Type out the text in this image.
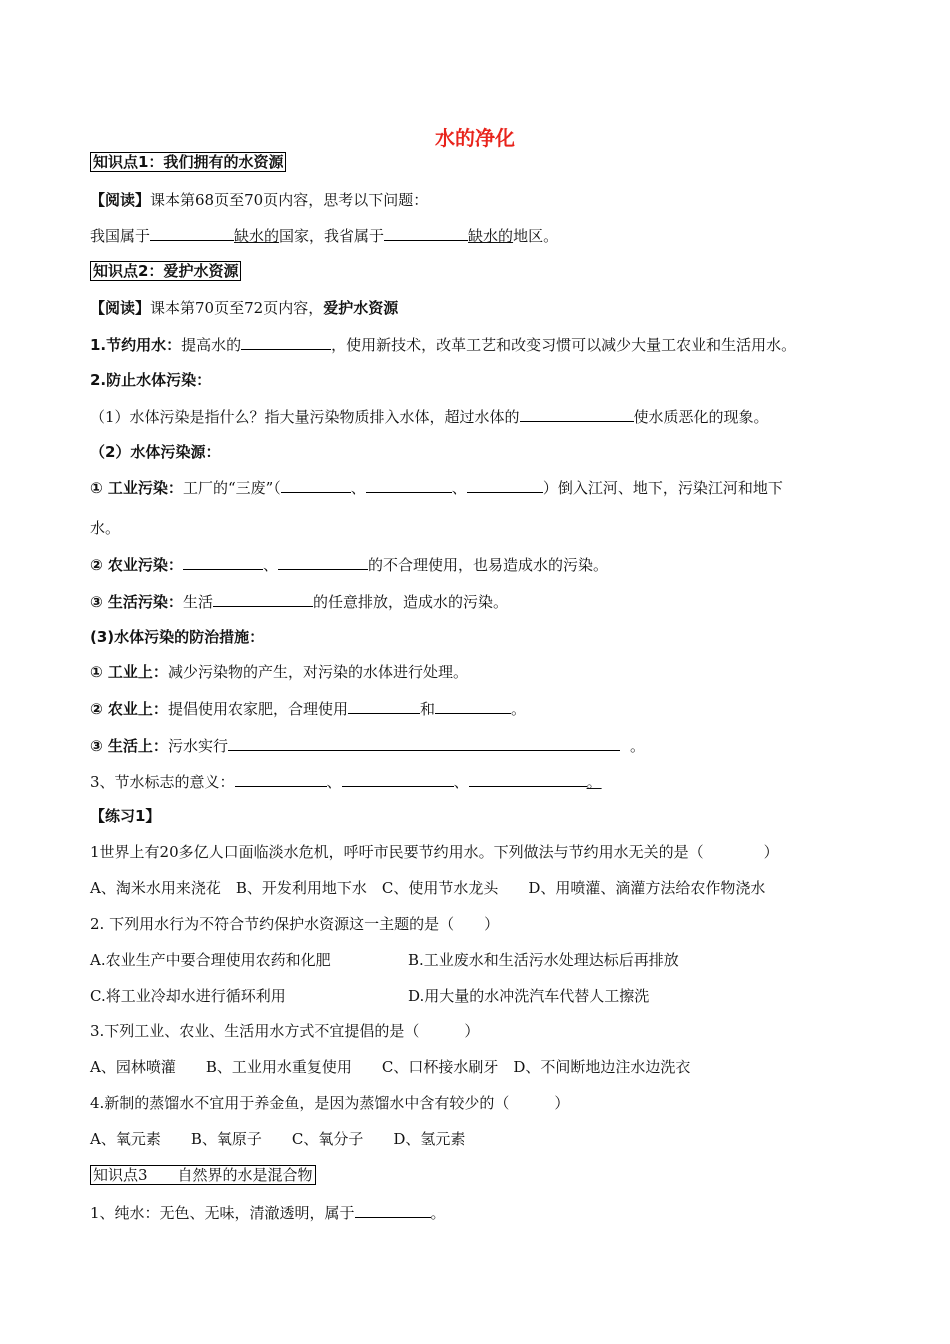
水的净化
知识点1：我们拥有的水资源
【阅读】课本第68页至70页内容，思考以下问题：
我国属于	缺水的国家，我省属于	缺水的地区。
知识点2：爱护水资源
【阅读】课本第70页至72页内容，爱护水资源
1.节约用水：提高水的	，使用新技术，改革工艺和改变习惯可以减少大量工农业和生活用水。
2.防止水体污染：
（1）水体污染是指什么？指大量污染物质排入水体，超过水体的	使水质恶化的现象。
（2）水体污染源：
① 工业污染：工厂的“三废”（	、	、	）倒入江河、地下，污染江河和地下
水。
② 农业污染：	、	的不合理使用，也易造成水的污染。
③ 生活污染：生活	的任意排放，造成水的污染。
(3)水体污染的防治措施：
① 工业上：减少污染物的产生，对污染的水体进行处理。
② 农业上：提倡使用农家肥，合理使用	和	。
③ 生活上：污水实行	。
3、节水标志的意义：	、	、	。
【练习1】
1世界上有20多亿人口面临淡水危机，呼吁市民要节约用水。下列做法与节约用水无关的是（　　　　）
A、淘米水用来浇花　B、开发利用地下水　C、使用节水龙头　　D、用喷灌、滴灌方法给农作物浇水
2. 下列用水行为不符合节约保护水资源这一主题的是（　　）
A.农业生产中要合理使用农药和化肥	B.工业废水和生活污水处理达标后再排放
C.将工业冷却水进行循环利用	D.用大量的水冲洗汽车代替人工擦洗
3.下列工业、农业、生活用水方式不宜提倡的是（　　　）
A、园林喷灌　　B、工业用水重复使用　　C、口杯接水刷牙　D、不间断地边注水边洗衣
4.新制的蒸馏水不宜用于养金鱼，是因为蒸馏水中含有较少的（　　　）
A、氧元素　　B、氧原子　　C、氧分子　　D、氢元素
知识点3　　自然界的水是混合物
1、纯水：无色、无味，清澈透明，属于	。
